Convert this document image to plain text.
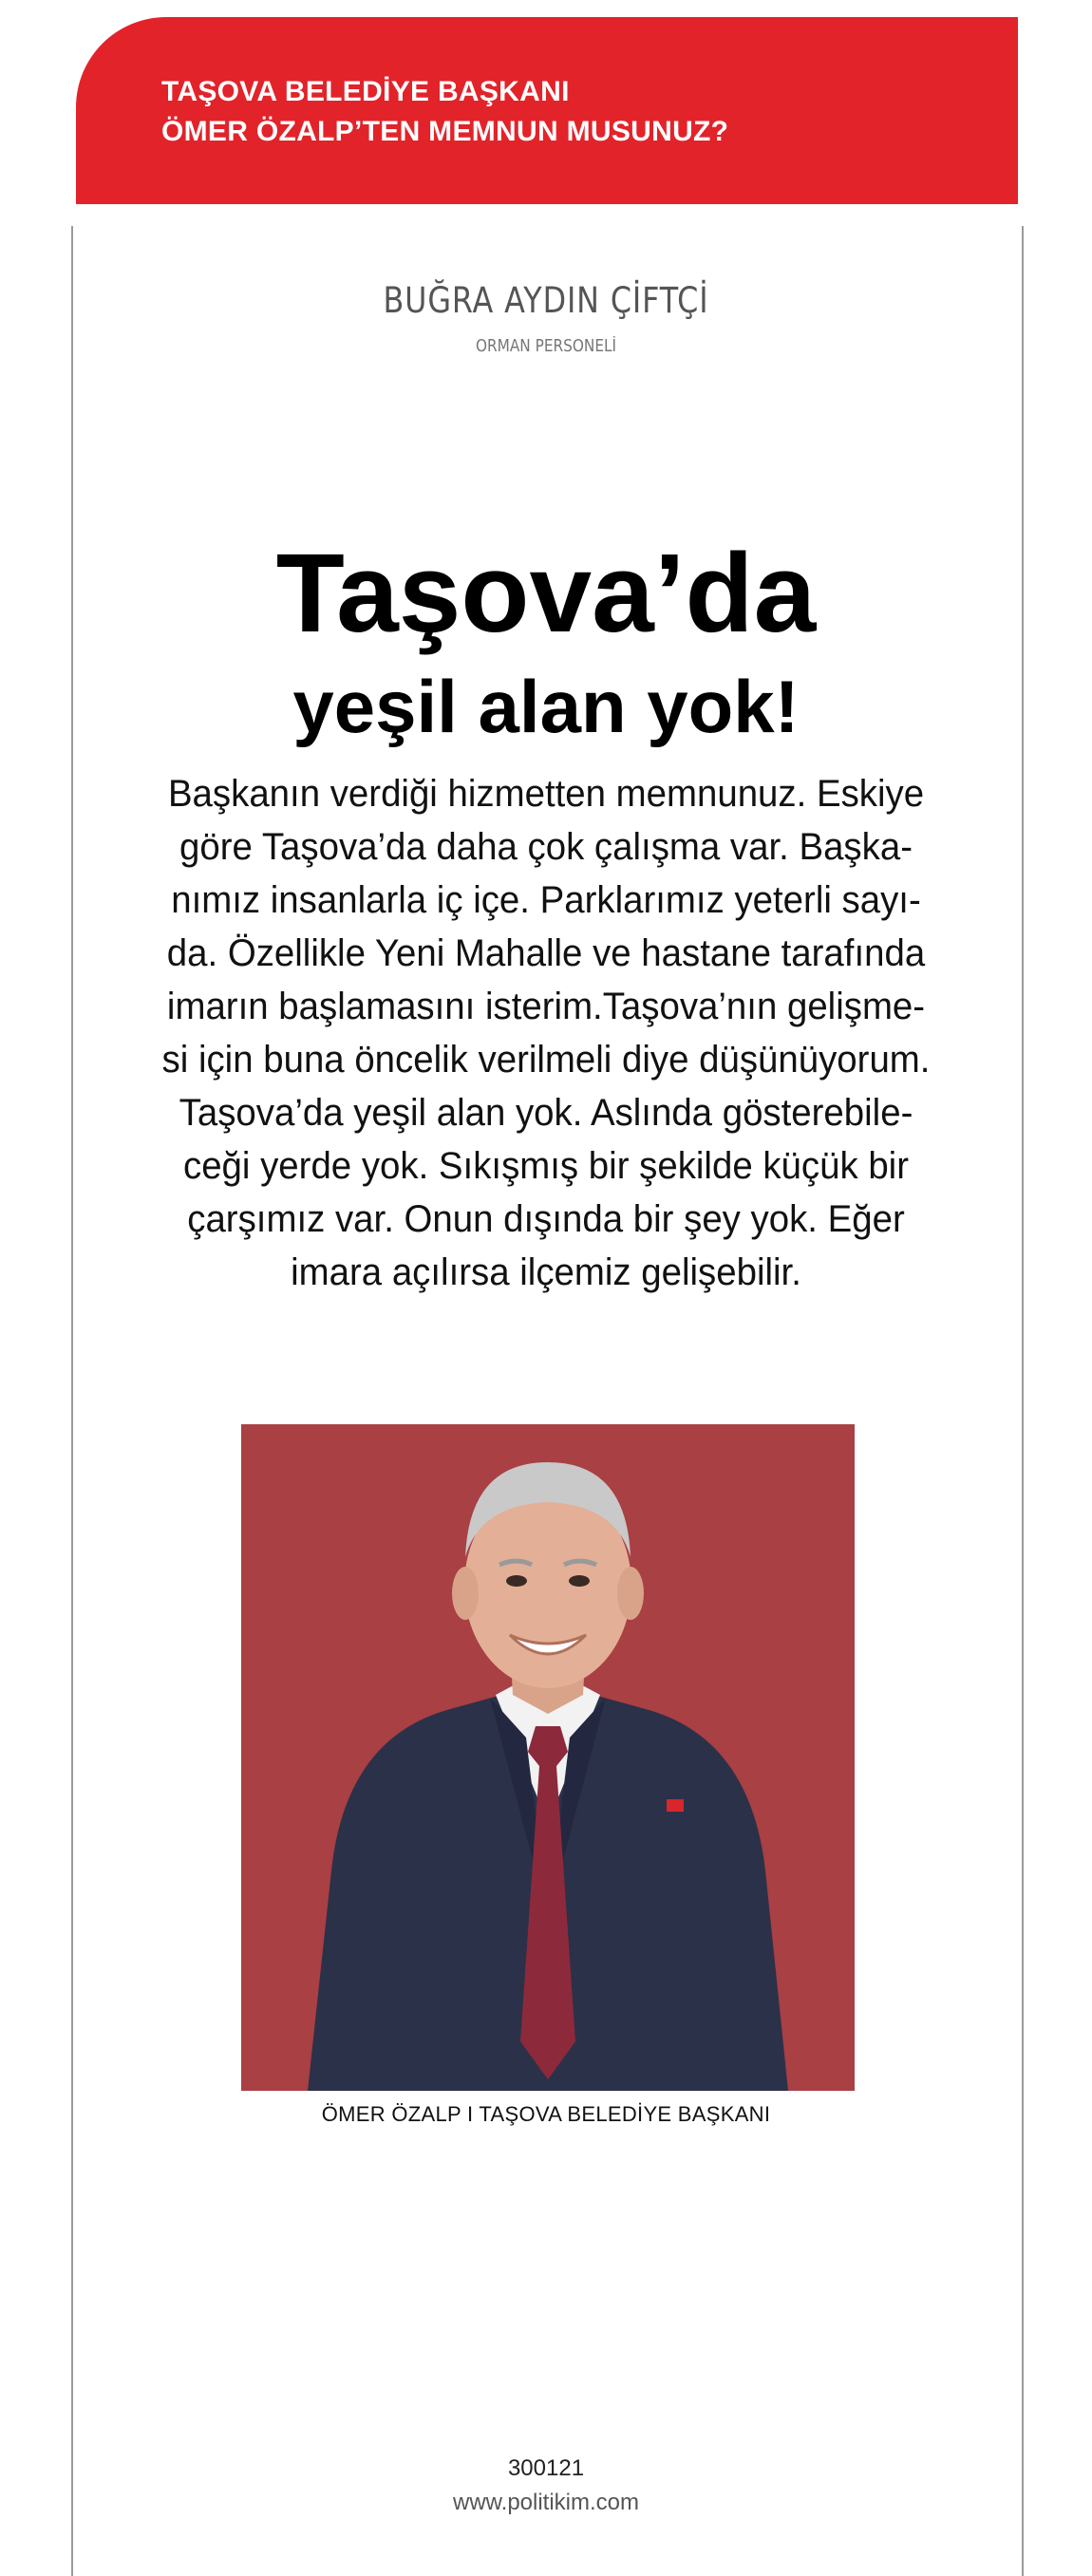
TAŞOVA BELEDİYE BAŞKANI
ÖMER ÖZALP’TEN MEMNUN MUSUNUZ?
BUĞRA AYDIN ÇİFTÇİ
ORMAN PERSONELİ
Taşova’da
yeşil alan yok!
Başkanın verdiği hizmetten memnunuz. Eskiye
göre Taşova’da daha çok çalışma var. Başka-
nımız insanlarla iç içe. Parklarımız yeterli sayı-
da. Özellikle Yeni Mahalle ve hastane tarafında
imarın başlamasını isterim.Taşova’nın gelişme-
si için buna öncelik verilmeli diye düşünüyorum.
Taşova’da yeşil alan yok. Aslında gösterebile-
ceği yerde yok. Sıkışmış bir şekilde küçük bir
çarşımız var. Onun dışında bir şey yok. Eğer
imara açılırsa ilçemiz gelişebilir.
ÖMER ÖZALP I TAŞOVA BELEDİYE BAŞKANI
300121
www.politikim.com
